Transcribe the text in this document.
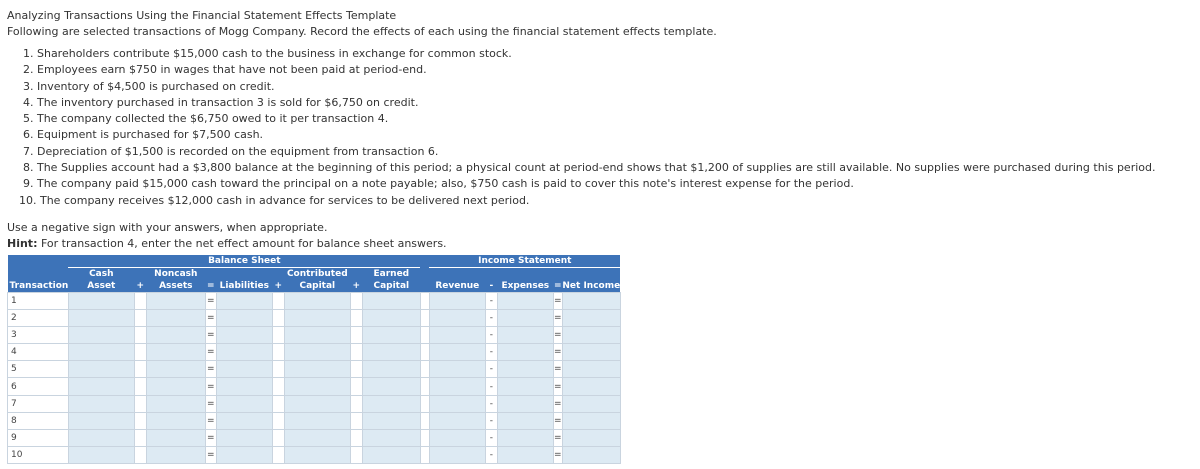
Analyzing Transactions Using the Financial Statement Effects Template
Following are selected transactions of Mogg Company. Record the effects of each using the financial statement effects template.
1. Shareholders contribute $15,000 cash to the business in exchange for common stock.
2. Employees earn $750 in wages that have not been paid at period-end.
3. Inventory of $4,500 is purchased on credit.
4. The inventory purchased in transaction 3 is sold for $6,750 on credit.
5. The company collected the $6,750 owed to it per transaction 4.
6. Equipment is purchased for $7,500 cash.
7. Depreciation of $1,500 is recorded on the equipment from transaction 6.
8. The Supplies account had a $3,800 balance at the beginning of this period; a physical count at period-end shows that $1,200 of supplies are still available. No supplies were purchased during this period.
9. The company paid $15,000 cash toward the principal on a note payable; also, $750 cash is paid to cover this note's interest expense for the period.
10. The company receives $12,000 cash in advance for services to be delivered next period.
Use a negative sign with your answers, when appropriate.
Hint: For transaction 4, enter the net effect amount for balance sheet answers.
	Balance Sheet										Income Statement				
	Cash		Noncash				Contributed		Earned						
Transaction	Asset	+	Assets	=	Liabilities	+	Capital	+	Capital		Revenue	-	Expenses	=	Net Income
1				=								-		=	
2				=								-		=	
3				=								-		=	
4				=								-		=	
5				=								-		=	
6				=								-		=	
7				=								-		=	
8				=								-		=	
9				=								-		=	
10				=								-		=	
